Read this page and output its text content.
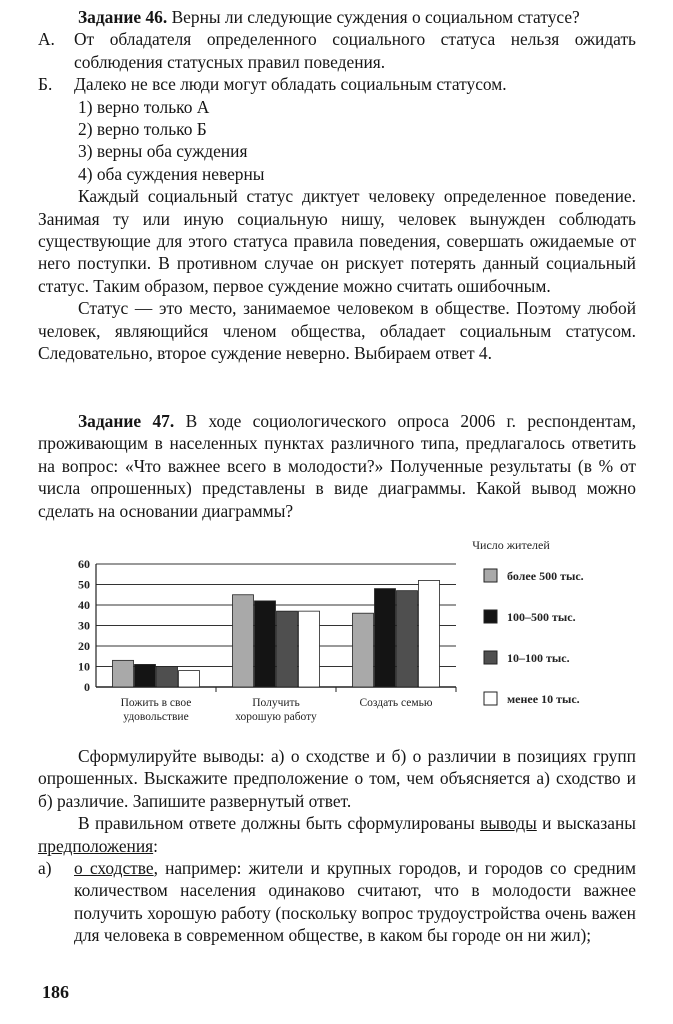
Задание 46. Верны ли следующие суждения о социальном статусе?

А.	От обладателя определенного социального статуса нельзя ожидать соблюдения статусных правил поведения.
Б.	Далеко не все люди могут обладать социальным статусом.
1) верно только А
2) верно только Б
3) верны оба суждения
4) оба суждения неверны

Каждый социальный статус диктует человеку определенное поведение. Занимая ту или иную социальную нишу, человек вынужден соблюдать существующие для этого статуса правила поведения, совершать ожидаемые от него поступки. В противном случае он рискует потерять данный социальный статус. Таким образом, первое суждение можно считать ошибочным.

Статус — это место, занимаемое человеком в обществе. Поэтому любой человек, являющийся членом общества, обладает социальным статусом. Следовательно, второе суждение неверно. Выбираем ответ 4.

Задание 47. В ходе социологического опроса 2006 г. респондентам, проживающим в населенных пунктах различного типа, предлагалось ответить на вопрос: «Что важнее всего в молодости?» Полученные результаты (в % от числа опрошенных) представлены в виде диаграммы. Какой вывод можно сделать на основании диаграммы?

0
10
20
30
40
50
60
Пожить в свое
удовольствие
Получить
хорошую работу
Создать семью
Число жителей
более 500 тыс.
100–500 тыс.
10–100 тыс.
менее 10 тыс.

Сформулируйте выводы: а) о сходстве и б) о различии в позициях групп опрошенных. Выскажите предположение о том, чем объясняется а) сходство и б) различие. Запишите развернутый ответ.

В правильном ответе должны быть сформулированы выводы и высказаны предположения:

а)	о сходстве, например: жители и крупных городов, и городов со средним количеством населения одинаково считают, что в молодости важнее получить хорошую работу (поскольку вопрос трудоустройства очень важен для человека в современном обществе, в каком бы городе он ни жил);
186
